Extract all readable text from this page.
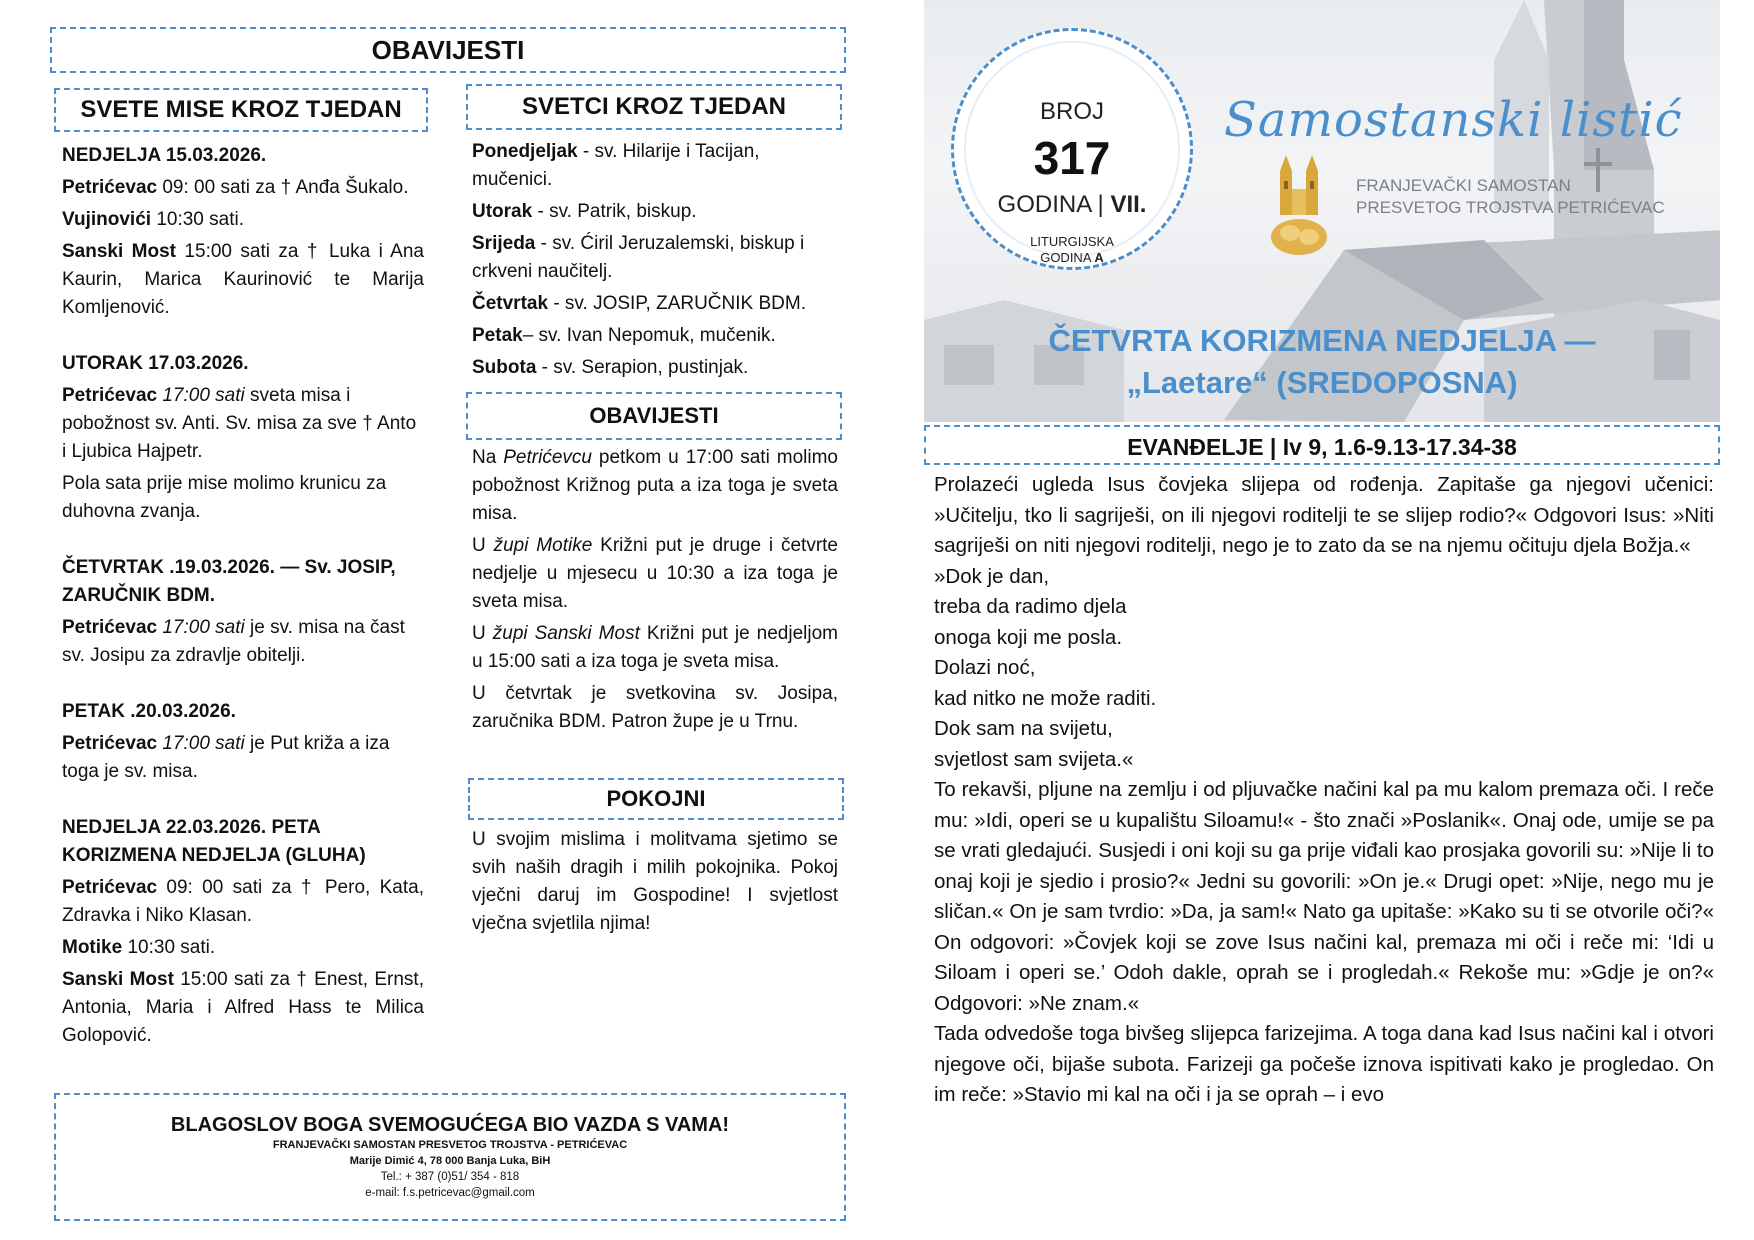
OBAVIJESTI
SVETE MISE KROZ TJEDAN

NEDJELJA 15.03.2026.

Petrićevac 09: 00 sati za † Anđa Šukalo.

Vujinovići 10:30 sati.

Sanski Most 15:00 sati za † Luka i Ana Kaurin, Marica Kaurinović te Marija Komljenović.

UTORAK 17.03.2026.

Petrićevac 17:00 sati sveta misa i pobožnost sv. Anti. Sv. misa za sve † Anto i Ljubica Hajpetr.

Pola sata prije mise molimo krunicu za duhovna zvanja.

ČETVRTAK .19.03.2026. — Sv. JOSIP, ZARUČNIK BDM.

Petrićevac 17:00 sati je sv. misa na čast sv. Josipu za zdravlje obitelji.

PETAK .20.03.2026.

Petrićevac 17:00 sati je Put križa a iza toga je sv. misa.

NEDJELJA 22.03.2026. PETA KORIZMENA NEDJELJA (GLUHA)

Petrićevac 09: 00 sati za † Pero, Kata, Zdravka i Niko Klasan.

Motike 10:30 sati.

Sanski Most 15:00 sati za † Enest, Ernst, Antonia, Maria i Alfred Hass te Milica Golopović.

SVETCI KROZ TJEDAN

Ponedjeljak - sv. Hilarije i Tacijan, mučenici.

Utorak - sv. Patrik, biskup.

Srijeda - sv. Ćiril Jeruzalemski, biskup i crkveni naučitelj.

Četvrtak - sv. JOSIP, ZARUČNIK BDM.

Petak– sv. Ivan Nepomuk, mučenik.

Subota - sv. Serapion, pustinjak.

OBAVIJESTI

Na Petrićevcu petkom u 17:00 sati molimo pobožnost Križnog puta a iza toga je sveta misa.

U župi Motike Križni put je druge i četvrte nedjelje u mjesecu u 10:30 a iza toga je sveta misa.

U župi Sanski Most Križni put je nedjeljom u 15:00 sati a iza toga je sveta misa.

U četvrtak je svetkovina sv. Josipa, zaručnika BDM. Patron župe je u Trnu.

POKOJNI

U svojim mislima i molitvama sjetimo se svih naših dragih i milih pokojnika. Pokoj vječni daruj im Gospodine! I svjetlost vječna svjetlila njima!

BLAGOSLOV BOGA SVEMOGUĆEGA BIO VAZDA S VAMA!
FRANJEVAČKI SAMOSTAN PRESVETOG TROJSTVA - PETRIĆEVAC
Marije Dimić 4, 78 000 Banja Luka, BiH
Tel.: + 387 (0)51/ 354 - 818
e-mail: f.s.petricevac@gmail.com
BROJ
317
GODINA | VII.
LITURGIJSKA
GODINA A
Samostanski listić
FRANJEVAČKI SAMOSTAN
PRESVETOG TROJSTVA PETRIĆEVAC
ČETVRTA KORIZMENA NEDJELJA —
„Laetare“ (SREDOPOSNA)
EVANĐELJE | Iv 9, 1.6-9.13-17.34-38

Prolazeći ugleda Isus čovjeka slijepa od rođenja. Zapitaše ga njegovi učenici: »Učitelju, tko li sagriješi, on ili njegovi roditelji te se slijep rodio?« Odgovori Isus: »Niti sagriješi on niti njegovi roditelji, nego je to zato da se na njemu očituju djela Božja.«

»Dok je dan,

treba da radimo djela

onoga koji me posla.

Dolazi noć,

kad nitko ne može raditi.

Dok sam na svijetu,

svjetlost sam svijeta.«

To rekavši, pljune na zemlju i od pljuvačke načini kal pa mu kalom premaza oči. I reče mu: »Idi, operi se u kupalištu Siloamu!« - što znači »Poslanik«. Onaj ode, umije se pa se vrati gledajući. Susjedi i oni koji su ga prije viđali kao prosjaka govorili su: »Nije li to onaj koji je sjedio i prosio?« Jedni su govorili: »On je.« Drugi opet: »Nije, nego mu je sličan.« On je sam tvrdio: »Da, ja sam!« Nato ga upitaše: »Kako su ti se otvorile oči?« On odgovori: »Čovjek koji se zove Isus načini kal, premaza mi oči i reče mi: ‘Idi u Siloam i operi se.’ Odoh dakle, oprah se i progledah.« Rekoše mu: »Gdje je on?« Odgovori: »Ne znam.«

Tada odvedoše toga bivšeg slijepca farizejima. A toga dana kad Isus načini kal i otvori njegove oči, bijaše subota. Farizeji ga počeše iznova ispitivati kako je progledao. On im reče: »Stavio mi kal na oči i ja se oprah – i evo
